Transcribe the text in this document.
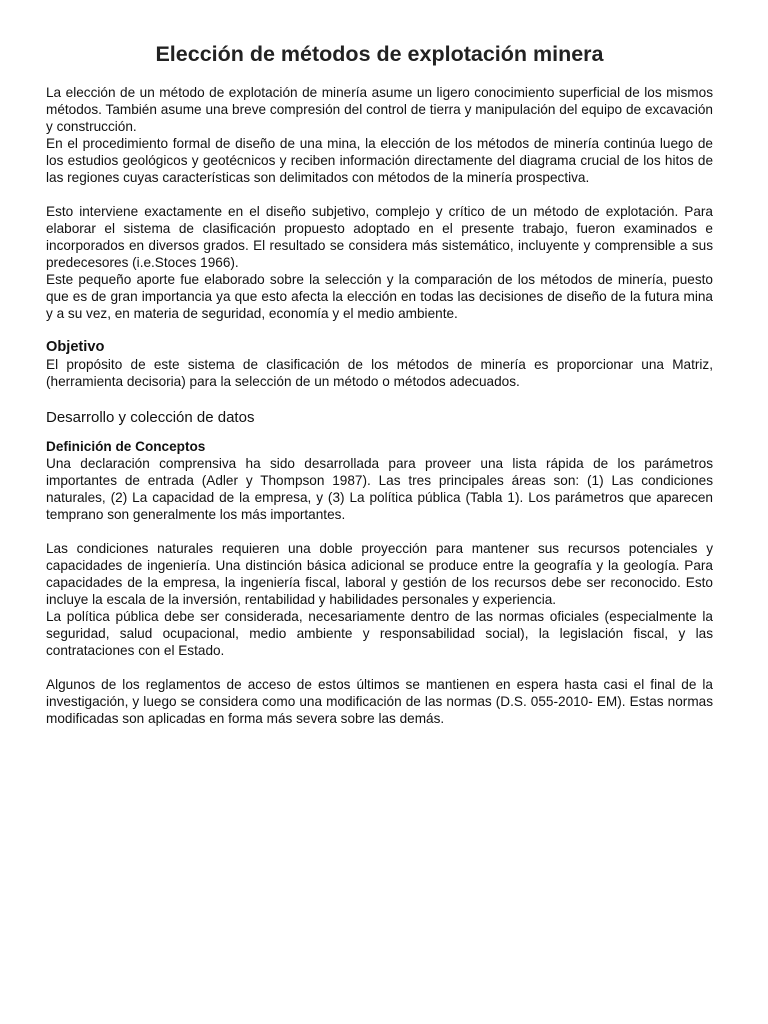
Elección de métodos de explotación minera

La elección de un método de explotación de minería asume un ligero conocimiento superficial de los mismos métodos. También asume una breve compresión del control de tierra y manipulación del equipo de excavación y construcción.

En el procedimiento formal de diseño de una mina, la elección de los métodos de minería continúa luego de los estudios geológicos y geotécnicos y reciben información directamente del diagrama crucial de los hitos de las regiones cuyas características son delimitados con métodos de la minería prospectiva.

Esto interviene exactamente en el diseño subjetivo, complejo y crítico de un método de explotación. Para elaborar el sistema de clasificación propuesto adoptado en el presente trabajo, fueron examinados e incorporados en diversos grados. El resultado se considera más sistemático, incluyente y comprensible a sus predecesores (i.e.Stoces 1966).

Este pequeño aporte fue elaborado sobre la selección y la comparación de los métodos de minería, puesto que es de gran importancia ya que esto afecta la elección en todas las decisiones de diseño de la futura mina y a su vez, en materia de seguridad, economía y el medio ambiente.

Objetivo

El propósito de este sistema de clasificación de los métodos de minería es proporcionar una Matriz, (herramienta decisoria) para la selección de un método o métodos adecuados.

Desarrollo y colección de datos
Definición de Conceptos

Una declaración comprensiva ha sido desarrollada para proveer una lista rápida de los parámetros importantes de entrada (Adler y Thompson 1987). Las tres principales áreas son: (1) Las condiciones naturales, (2) La capacidad de la empresa, y (3) La política pública (Tabla 1). Los parámetros que aparecen temprano son generalmente los más importantes.

Las condiciones naturales requieren una doble proyección para mantener sus recursos potenciales y capacidades de ingeniería. Una distinción básica adicional se produce entre la geografía y la geología. Para capacidades de la empresa, la ingeniería fiscal, laboral y gestión de los recursos debe ser reconocido. Esto incluye la escala de la inversión, rentabilidad y habilidades personales y experiencia.

La política pública debe ser considerada, necesariamente dentro de las normas oficiales (especialmente la seguridad, salud ocupacional, medio ambiente y responsabilidad social), la legislación fiscal, y las contrataciones con el Estado.

Algunos de los reglamentos de acceso de estos últimos se mantienen en espera hasta casi el final de la investigación, y luego se considera como una modificación de las normas (D.S. 055-2010- EM). Estas normas modificadas son aplicadas en forma más severa sobre las demás.
